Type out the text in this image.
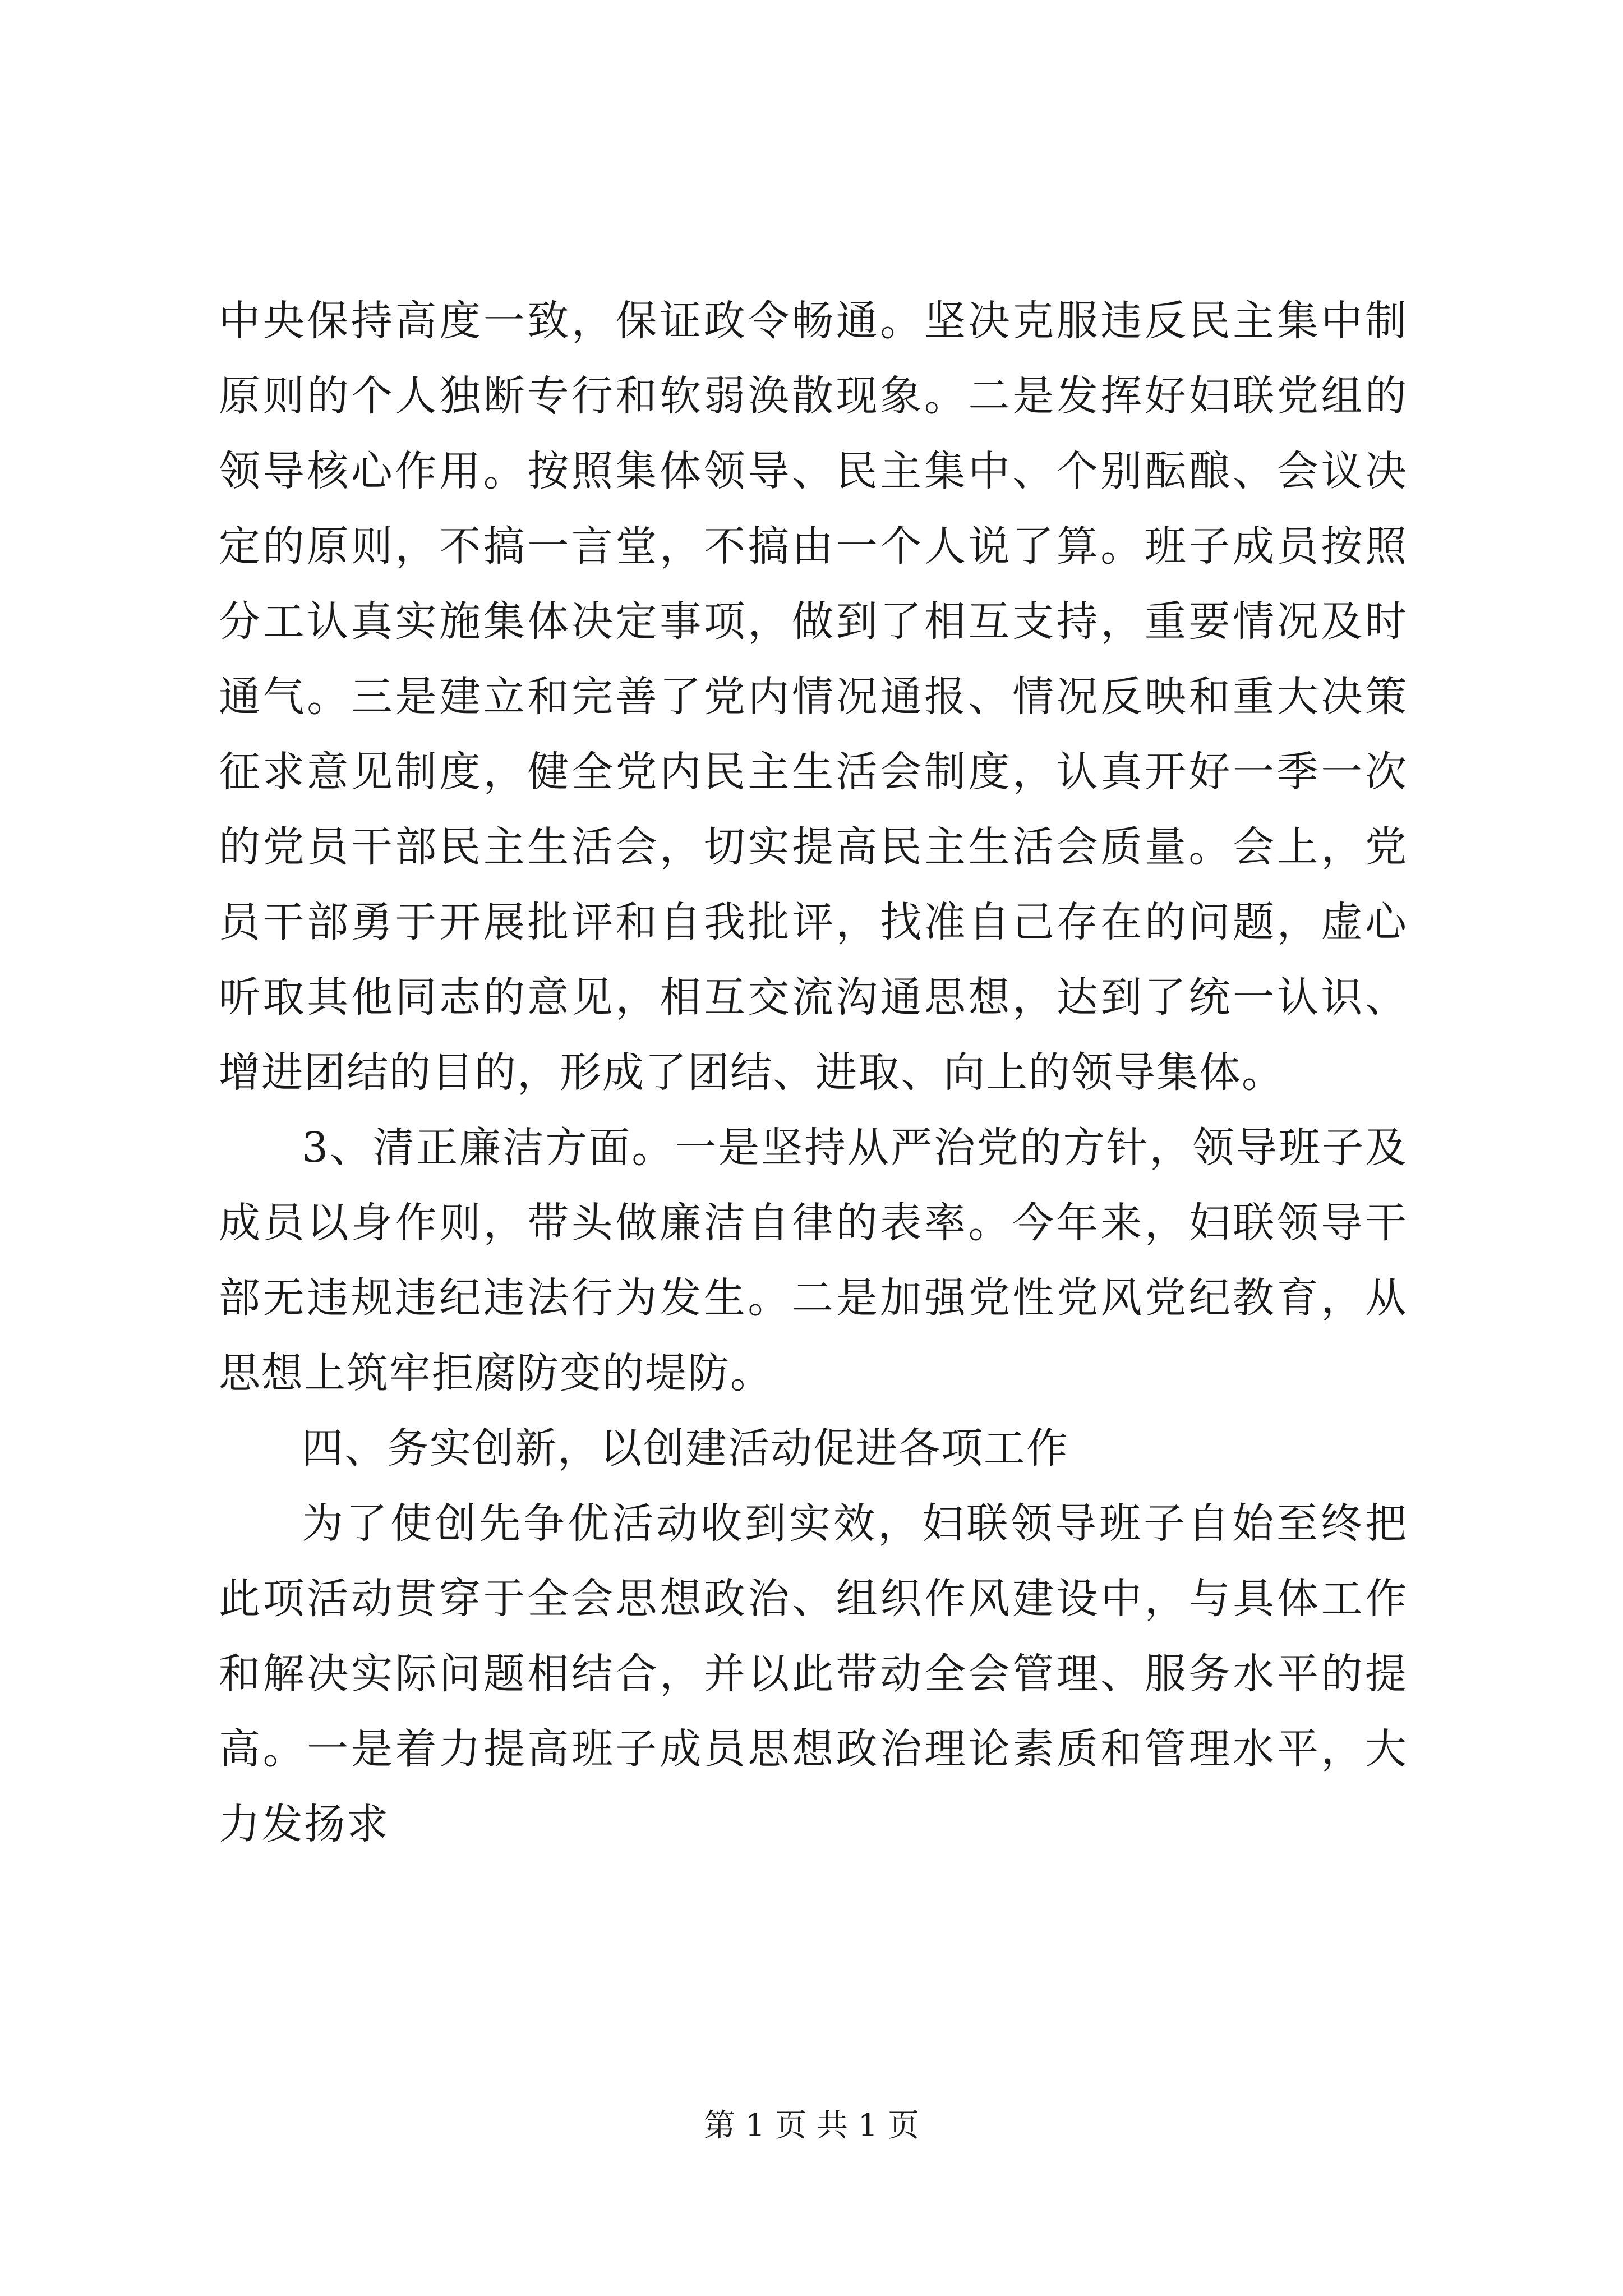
中央保持高度一致，保证政令畅通。坚决克服违反民主集中制原则的个人独断专行和软弱涣散现象。二是发挥好妇联党组的领导核心作用。按照集体领导、民主集中、个别酝酿、会议决定的原则，不搞一言堂，不搞由一个人说了算。班子成员按照分工认真实施集体决定事项，做到了相互支持，重要情况及时通气。三是建立和完善了党内情况通报、情况反映和重大决策征求意见制度，健全党内民主生活会制度，认真开好一季一次的党员干部民主生活会，切实提高民主生活会质量。会上，党员干部勇于开展批评和自我批评，找准自己存在的问题，虚心听取其他同志的意见，相互交流沟通思想，达到了统一认识、增进团结的目的，形成了团结、进取、向上的领导集体。

3、清正廉洁方面。一是坚持从严治党的方针，领导班子及成员以身作则，带头做廉洁自律的表率。今年来，妇联领导干部无违规违纪违法行为发生。二是加强党性党风党纪教育，从思想上筑牢拒腐防变的堤防。

四、务实创新，以创建活动促进各项工作

为了使创先争优活动收到实效，妇联领导班子自始至终把此项活动贯穿于全会思想政治、组织作风建设中，与具体工作和解决实际问题相结合，并以此带动全会管理、服务水平的提高。一是着力提高班子成员思想政治理论素质和管理水平，大力发扬求

第 1 页 共 1 页
